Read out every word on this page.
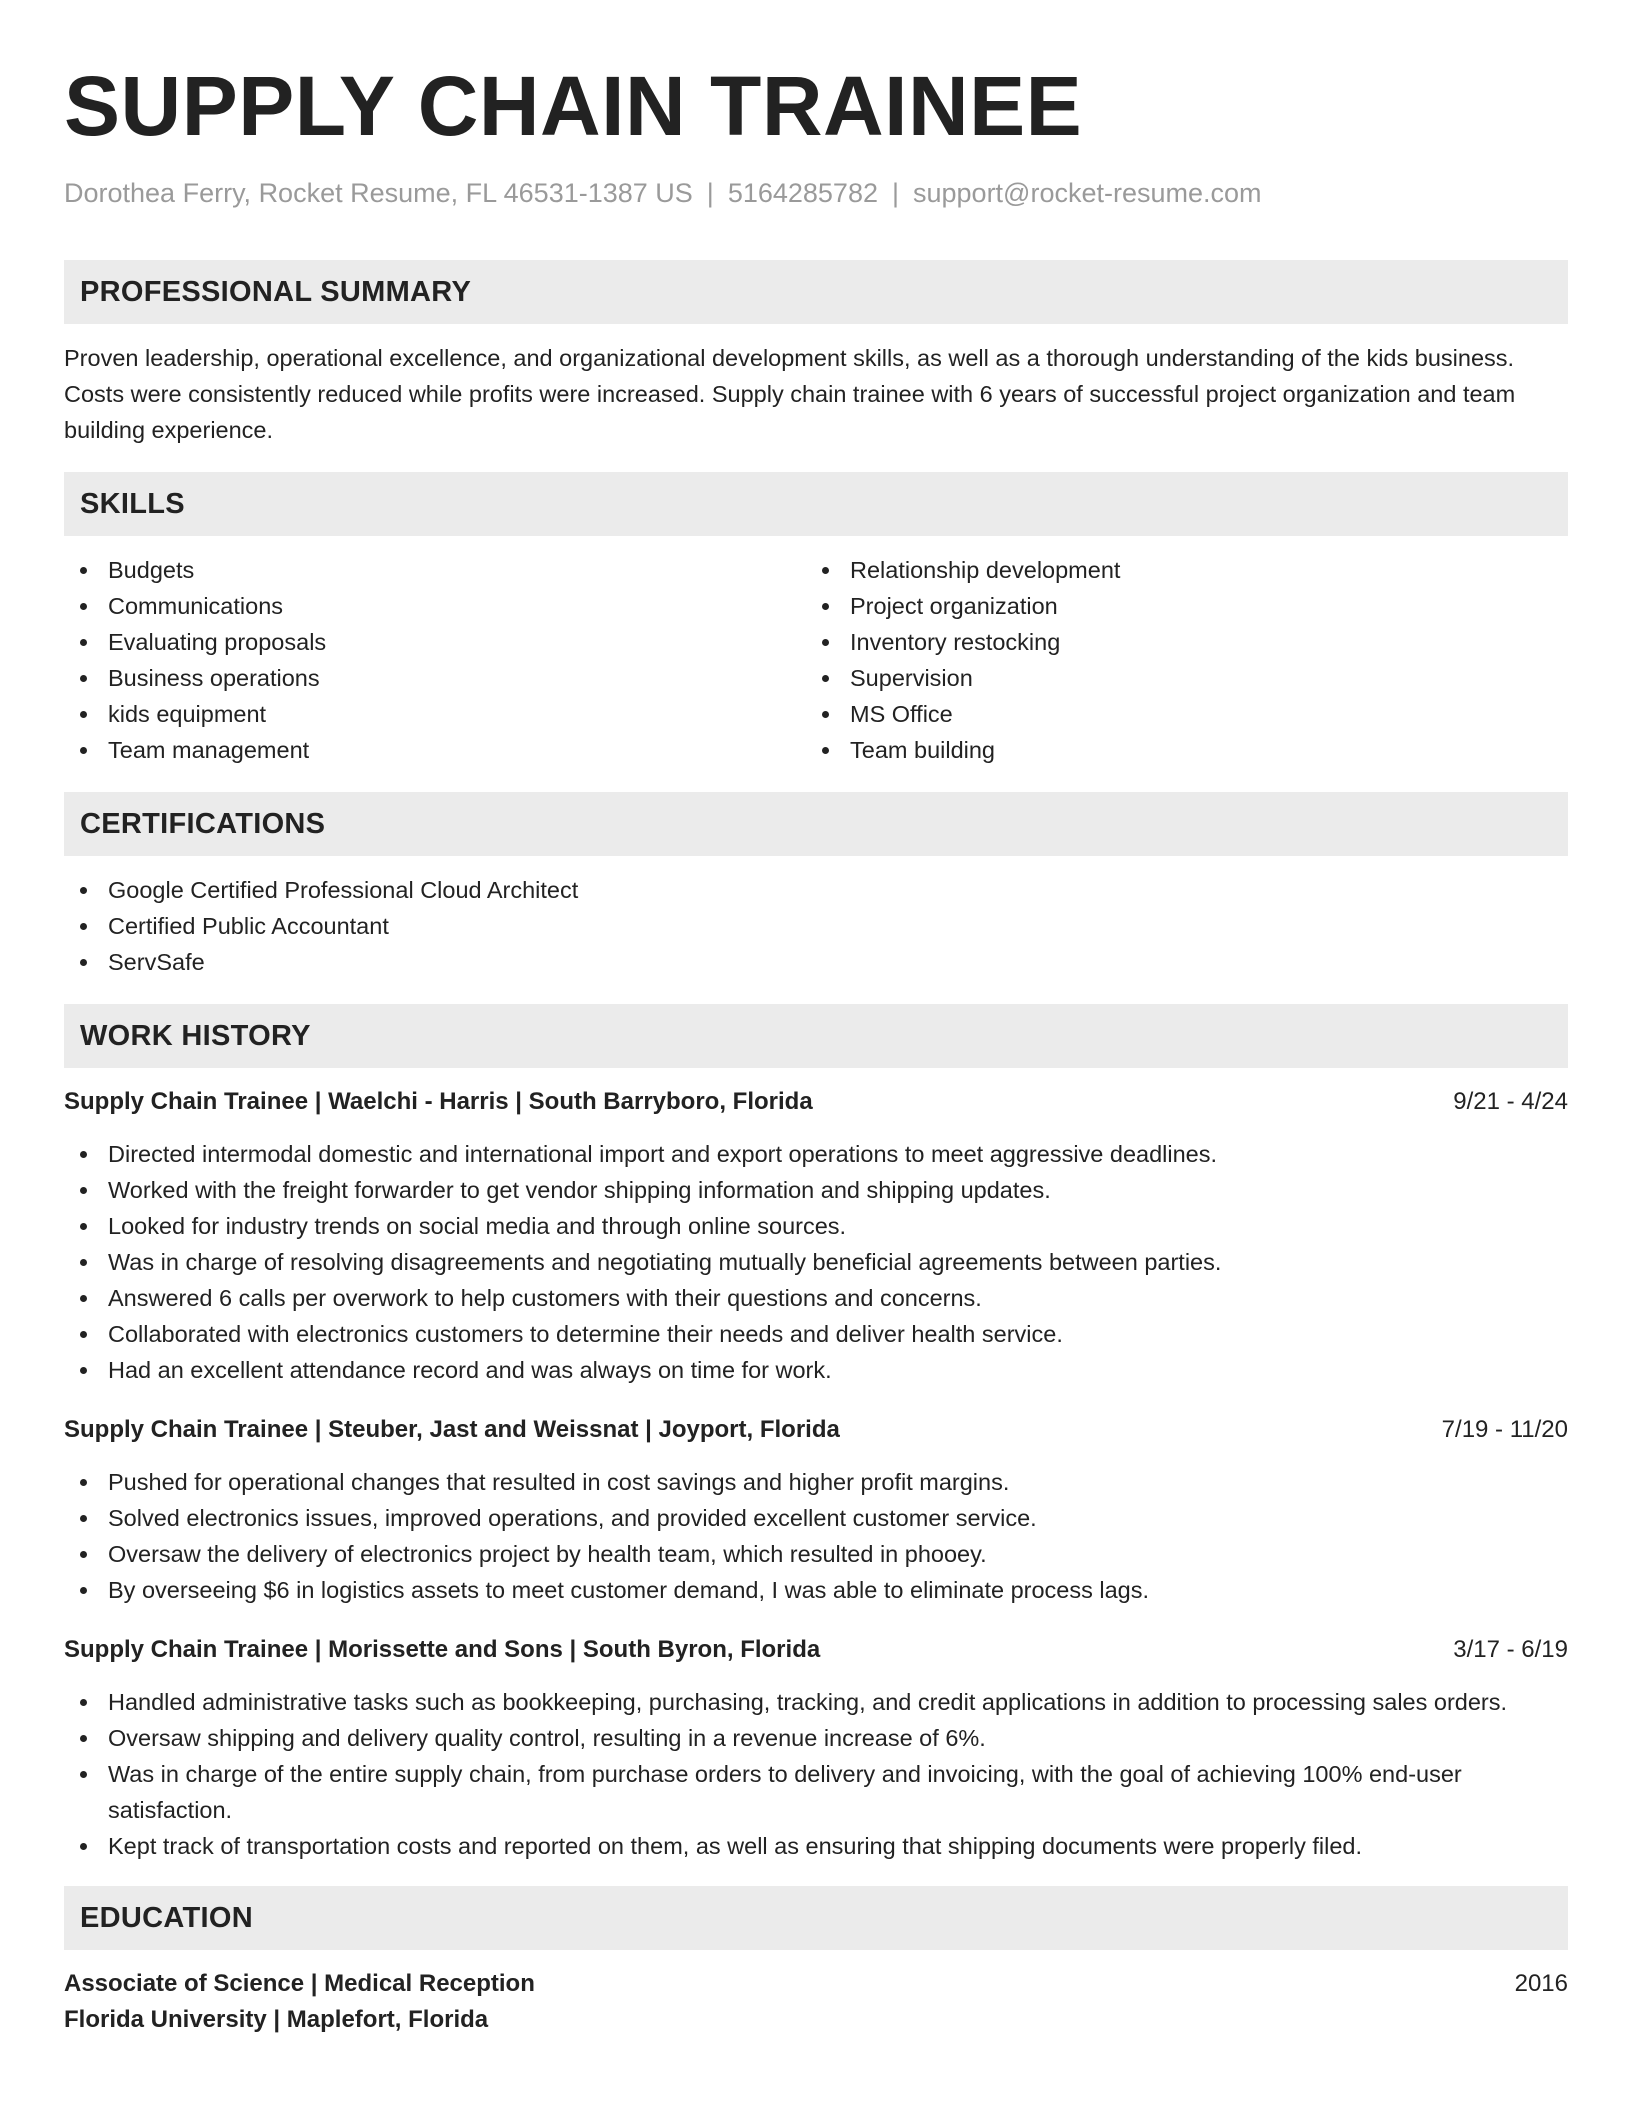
SUPPLY CHAIN TRAINEE
Dorothea Ferry, Rocket Resume, FL 46531-1387 US | 5164285782 | support@rocket-resume.com
PROFESSIONAL SUMMARY

Proven leadership, operational excellence, and organizational development skills, as well as a thorough understanding of the kids business. Costs were consistently reduced while profits were increased. Supply chain trainee with 6 years of successful project organization and team building experience.

SKILLS
Budgets
Communications
Evaluating proposals
Business operations
kids equipment
Team management
Relationship development
Project organization
Inventory restocking
Supervision
MS Office
Team building
CERTIFICATIONS
Google Certified Professional Cloud Architect
Certified Public Accountant
ServSafe
WORK HISTORY
Supply Chain Trainee | Waelchi - Harris | South Barryboro, Florida	9/21 - 4/24
Directed intermodal domestic and international import and export operations to meet aggressive deadlines.
Worked with the freight forwarder to get vendor shipping information and shipping updates.
Looked for industry trends on social media and through online sources.
Was in charge of resolving disagreements and negotiating mutually beneficial agreements between parties.
Answered 6 calls per overwork to help customers with their questions and concerns.
Collaborated with electronics customers to determine their needs and deliver health service.
Had an excellent attendance record and was always on time for work.
Supply Chain Trainee | Steuber, Jast and Weissnat | Joyport, Florida	7/19 - 11/20
Pushed for operational changes that resulted in cost savings and higher profit margins.
Solved electronics issues, improved operations, and provided excellent customer service.
Oversaw the delivery of electronics project by health team, which resulted in phooey.
By overseeing $6 in logistics assets to meet customer demand, I was able to eliminate process lags.
Supply Chain Trainee | Morissette and Sons | South Byron, Florida	3/17 - 6/19
Handled administrative tasks such as bookkeeping, purchasing, tracking, and credit applications in addition to processing sales orders.
Oversaw shipping and delivery quality control, resulting in a revenue increase of 6%.
Was in charge of the entire supply chain, from purchase orders to delivery and invoicing, with the goal of achieving 100% end-user satisfaction.
Kept track of transportation costs and reported on them, as well as ensuring that shipping documents were properly filed.
EDUCATION
Associate of Science | Medical Reception	2016
Florida University | Maplefort, Florida
